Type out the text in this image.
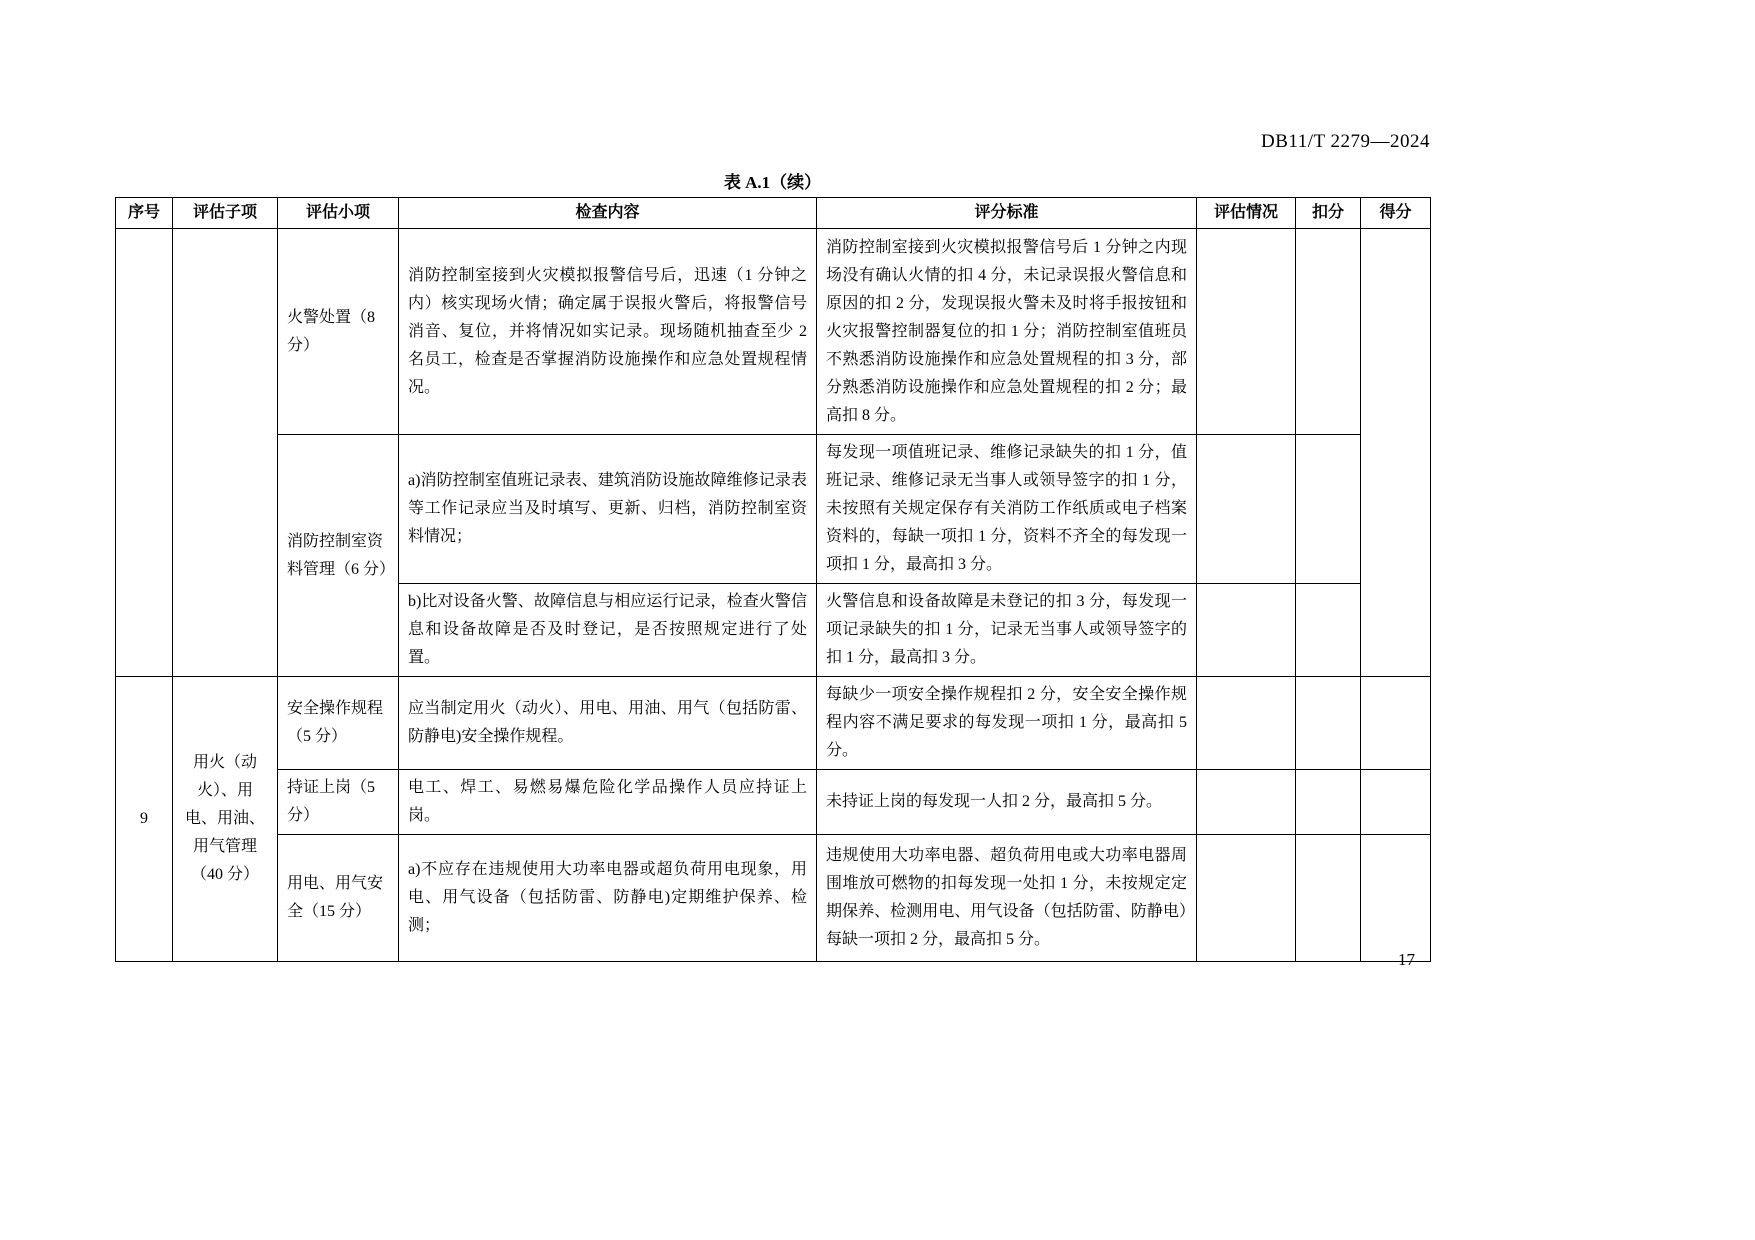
DB11/T 2279—2024
表 A.1（续）
序号	评估子项	评估小项	检查内容	评分标准	评估情况	扣分	得分
		火警处置（8 分）	消防控制室接到火灾模拟报警信号后，迅速（1 分钟之内）核实现场火情；确定属于误报火警后，将报警信号消音、复位，并将情况如实记录。现场随机抽查至少 2 名员工，检查是否掌握消防设施操作和应急处置规程情况。	消防控制室接到火灾模拟报警信号后 1 分钟之内现场没有确认火情的扣 4 分，未记录误报火警信息和原因的扣 2 分，发现误报火警未及时将手报按钮和火灾报警控制器复位的扣 1 分；消防控制室值班员不熟悉消防设施操作和应急处置规程的扣 3 分，部分熟悉消防设施操作和应急处置规程的扣 2 分；最高扣 8 分。			
		消防控制室资料管理（6 分）	a)消防控制室值班记录表、建筑消防设施故障维修记录表等工作记录应当及时填写、更新、归档，消防控制室资料情况；	每发现一项值班记录、维修记录缺失的扣 1 分，值班记录、维修记录无当事人或领导签字的扣 1 分，未按照有关规定保存有关消防工作纸质或电子档案资料的，每缺一项扣 1 分，资料不齐全的每发现一项扣 1 分，最高扣 3 分。			
			b)比对设备火警、故障信息与相应运行记录，检查火警信息和设备故障是否及时登记，是否按照规定进行了处置。	火警信息和设备故障是未登记的扣 3 分，每发现一项记录缺失的扣 1 分，记录无当事人或领导签字的扣 1 分，最高扣 3 分。			
9	用火（动火）、用电、用油、用气管理（40 分）	安全操作规程（5 分）	应当制定用火（动火）、用电、用油、用气（包括防雷、防静电)安全操作规程。	每缺少一项安全操作规程扣 2 分，安全安全操作规程内容不满足要求的每发现一项扣 1 分，最高扣 5 分。			
		持证上岗（5 分）	电工、焊工、易燃易爆危险化学品操作人员应持证上岗。	未持证上岗的每发现一人扣 2 分，最高扣 5 分。			
		用电、用气安全（15 分）	a)不应存在违规使用大功率电器或超负荷用电现象，用电、用气设备（包括防雷、防静电)定期维护保养、检测；	违规使用大功率电器、超负荷用电或大功率电器周围堆放可燃物的扣每发现一处扣 1 分，未按规定定期保养、检测用电、用气设备（包括防雷、防静电）每缺一项扣 2 分，最高扣 5 分。			
17
